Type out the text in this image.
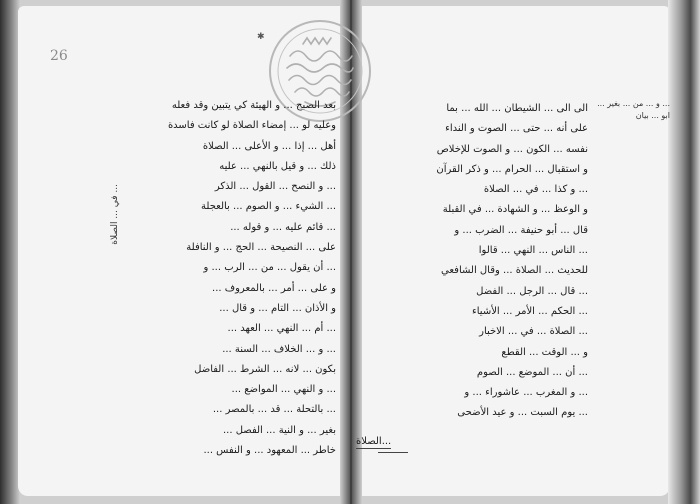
26
✱
... في ... الصلاة
... و ... من ... بغير ... ابو ... بيان
بعد الصبح ... و الهيئة كي يتبين وقد فعله
وعليه لو ... إمضاء الصلاة لو كانت فاسدة
أهل ... إذا ... و الأعلى ... الصلاة
ذلك ... و قيل بالنهي ... عليه
... و النصح ... القول ... الذكر
... الشيء ... و الصوم ... بالعجلة
... قائم عليه ... و قوله ...
على ... النصيحة ... الحج ... و النافلة
... أن يقول ... من ... الرب ... و
و على ... أمر ... بالمعروف ...
و الأذان ... التام ... و قال ...
... أم ... النهي ... العهد ...
... و ... الخلاف ... السنة ...
بكون ... لانه ... الشرط ... الفاضل
... و النهي ... المواضع ...
... بالتحلة ... قد ... بالمصر ...
بغير ... و النية ... الفصل ...
خاطر ... المعهود ... و النفس ...
الى الى ... الشيطان ... الله ... بما
على أنه ... حتى ... الصوت و النداء
نفسه ... الكون ... و الصوت للإخلاص
و استقبال ... الحرام ... و ذكر القرآن
... و كذا ... في ... الصلاة
و الوعظ ... و الشهادة ... في القبلة
قال ... أبو حنيفة ... الضرب ... و
... الناس ... النهي ... قالوا
للحديث ... الصلاة ... وقال الشافعي
... قال ... الرجل ... الفضل
... الحكم ... الأمر ... الأشياء
... الصلاة ... في ... الاخبار
و ... الوقت ... القطع
... أن ... الموضع ... الصوم
... و المغرب ... عاشوراء ... و
... يوم السبت ... و عيد الأضحى
...الصلاة
